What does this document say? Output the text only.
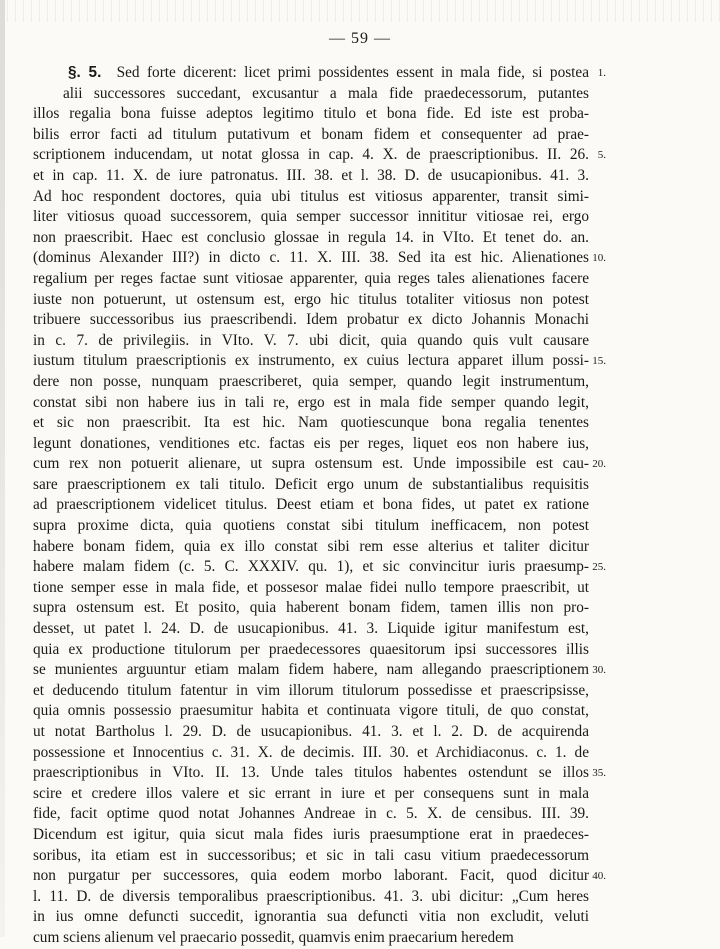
— 59 —
§. 5.  Sed forte dicerent: licet primi possidentes essent in mala fide, si postea
alii successores succedant, excusantur a mala fide praedecessorum, putantes
illos regalia bona fuisse adeptos legitimo titulo et bona fide. Ed iste est proba-
bilis error facti ad titulum putativum et bonam fidem et consequenter ad prae-
scriptionem inducendam, ut notat glossa in cap. 4. X. de praescriptionibus. II. 26.
et in cap. 11. X. de iure patronatus. III. 38. et l. 38. D. de usucapionibus. 41. 3.
Ad hoc respondent doctores, quia ubi titulus est vitiosus apparenter, transit simi-
liter vitiosus quoad successorem, quia semper successor innititur vitiosae rei, ergo
non praescribit. Haec est conclusio glossae in regula 14. in VIto. Et tenet do. an.
(dominus Alexander III?) in dicto c. 11. X. III. 38. Sed ita est hic. Alienationes
regalium per reges factae sunt vitiosae apparenter, quia reges tales alienationes facere
iuste non potuerunt, ut ostensum est, ergo hic titulus totaliter vitiosus non potest
tribuere successoribus ius praescribendi. Idem probatur ex dicto Johannis Monachi
in c. 7. de privilegiis. in VIto. V. 7. ubi dicit, quia quando quis vult causare
iustum titulum praescriptionis ex instrumento, ex cuius lectura apparet illum possi-
dere non posse, nunquam praescriberet, quia semper, quando legit instrumentum,
constat sibi non habere ius in tali re, ergo est in mala fide semper quando legit,
et sic non praescribit. Ita est hic. Nam quotiescunque bona regalia tenentes
legunt donationes, venditiones etc. factas eis per reges, liquet eos non habere ius,
cum rex non potuerit alienare, ut supra ostensum est. Unde impossibile est cau-
sare praescriptionem ex tali titulo. Deficit ergo unum de substantialibus requisitis
ad praescriptionem videlicet titulus. Deest etiam et bona fides, ut patet ex ratione
supra proxime dicta, quia quotiens constat sibi titulum inefficacem, non potest
habere bonam fidem, quia ex illo constat sibi rem esse alterius et taliter dicitur
habere malam fidem (c. 5. C. XXXIV. qu. 1), et sic convincitur iuris praesump-
tione semper esse in mala fide, et possesor malae fidei nullo tempore praescribit, ut
supra ostensum est. Et posito, quia haberent bonam fidem, tamen illis non pro-
desset, ut patet l. 24. D. de usucapionibus. 41. 3. Liquide igitur manifestum est,
quia ex productione titulorum per praedecessores quaesitorum ipsi successores illis
se munientes arguuntur etiam malam fidem habere, nam allegando praescriptionem
et deducendo titulum fatentur in vim illorum titulorum possedisse et praescripsisse,
quia omnis possessio praesumitur habita et continuata vigore tituli, de quo constat,
ut notat Bartholus l. 29. D. de usucapionibus. 41. 3. et l. 2. D. de acquirenda
possessione et Innocentius c. 31. X. de decimis. III. 30. et Archidiaconus. c. 1. de
praescriptionibus in VIto. II. 13. Unde tales titulos habentes ostendunt se illos
scire et credere illos valere et sic errant in iure et per consequens sunt in mala
fide, facit optime quod notat Johannes Andreae in c. 5. X. de censibus. III. 39.
Dicendum est igitur, quia sicut mala fides iuris praesumptione erat in praedeces-
soribus, ita etiam est in successoribus; et sic in tali casu vitium praedecessorum
non purgatur per successores, quia eodem morbo laborant. Facit, quod dicitur
l. 11. D. de diversis temporalibus praescriptionibus. 41. 3. ubi dicitur: „Cum heres
in ius omne defuncti succedit, ignorantia sua defuncti vitia non excludit, veluti
cum sciens alienum vel praecario possedit, quamvis enim praecarium heredem
1.
5.
10.
15.
20.
25.
30.
35.
40.
